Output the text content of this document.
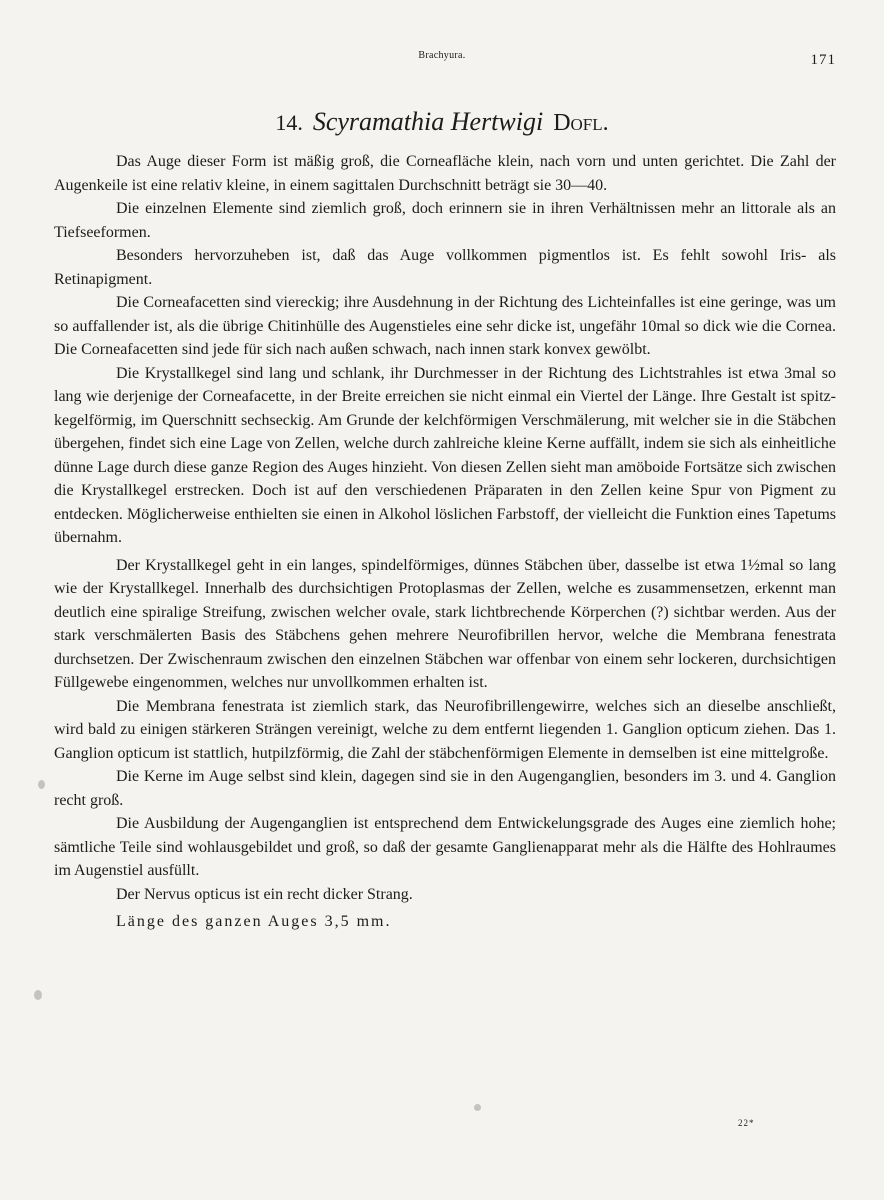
Brachyura.	171
14. Scyramathia Hertwigi Dofl.

Das Auge dieser Form ist mäßig groß, die Corneafläche klein, nach vorn und unten gerichtet. Die Zahl der Augenkeile ist eine relativ kleine, in einem sagittalen Durchschnitt beträgt sie 30—40.

Die einzelnen Elemente sind ziemlich groß, doch erinnern sie in ihren Verhältnissen mehr an littorale als an Tiefseeformen.

Besonders hervorzuheben ist, daß das Auge vollkommen pigmentlos ist. Es fehlt sowohl Iris- als Retinapigment.

Die Corneafacetten sind viereckig; ihre Ausdehnung in der Richtung des Lichteinfalles ist eine geringe, was um so auffallender ist, als die übrige Chitinhülle des Augenstieles eine sehr dicke ist, ungefähr 10mal so dick wie die Cornea. Die Corneafacetten sind jede für sich nach außen schwach, nach innen stark konvex gewölbt.

Die Krystallkegel sind lang und schlank, ihr Durchmesser in der Richtung des Lichtstrahles ist etwa 3mal so lang wie derjenige der Corneafacette, in der Breite erreichen sie nicht einmal ein Viertel der Länge. Ihre Gestalt ist spitz-kegelförmig, im Querschnitt sechseckig. Am Grunde der kelchförmigen Verschmälerung, mit welcher sie in die Stäbchen übergehen, findet sich eine Lage von Zellen, welche durch zahlreiche kleine Kerne auffällt, indem sie sich als einheitliche dünne Lage durch diese ganze Region des Auges hinzieht. Von diesen Zellen sieht man amöboide Fortsätze sich zwischen die Krystallkegel erstrecken. Doch ist auf den verschiedenen Präparaten in den Zellen keine Spur von Pigment zu entdecken. Möglicherweise enthielten sie einen in Alkohol löslichen Farbstoff, der vielleicht die Funktion eines Tapetums übernahm.

Der Krystallkegel geht in ein langes, spindelförmiges, dünnes Stäbchen über, dasselbe ist etwa 1½mal so lang wie der Krystallkegel. Innerhalb des durchsichtigen Protoplasmas der Zellen, welche es zusammensetzen, erkennt man deutlich eine spiralige Streifung, zwischen welcher ovale, stark lichtbrechende Körperchen (?) sichtbar werden. Aus der stark verschmälerten Basis des Stäbchens gehen mehrere Neurofibrillen hervor, welche die Membrana fenestrata durchsetzen. Der Zwischenraum zwischen den einzelnen Stäbchen war offenbar von einem sehr lockeren, durchsichtigen Füllgewebe eingenommen, welches nur unvollkommen erhalten ist.

Die Membrana fenestrata ist ziemlich stark, das Neurofibrillengewirre, welches sich an dieselbe anschließt, wird bald zu einigen stärkeren Strängen vereinigt, welche zu dem entfernt liegenden 1. Ganglion opticum ziehen. Das 1. Ganglion opticum ist stattlich, hutpilzförmig, die Zahl der stäbchenförmigen Elemente in demselben ist eine mittelgroße.

Die Kerne im Auge selbst sind klein, dagegen sind sie in den Augenganglien, besonders im 3. und 4. Ganglion recht groß.

Die Ausbildung der Augenganglien ist entsprechend dem Entwickelungsgrade des Auges eine ziemlich hohe; sämtliche Teile sind wohlausgebildet und groß, so daß der gesamte Ganglienapparat mehr als die Hälfte des Hohlraumes im Augenstiel ausfüllt.

Der Nervus opticus ist ein recht dicker Strang.

Länge des ganzen Auges 3,5 mm.

22*
